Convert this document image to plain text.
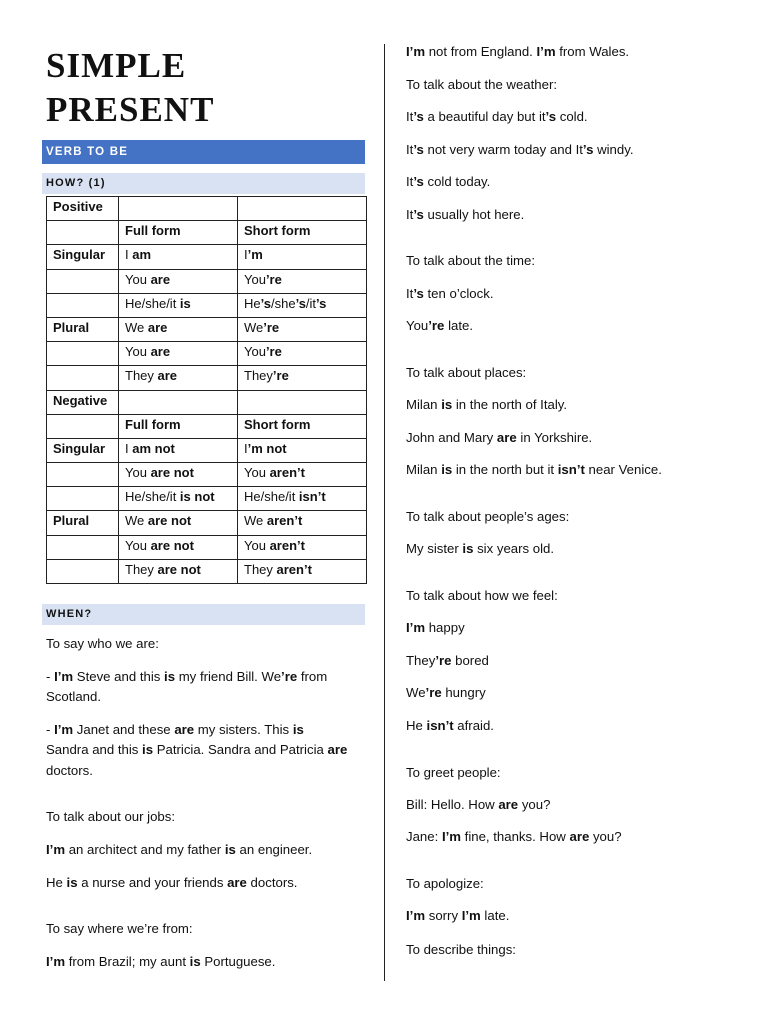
SIMPLE
PRESENT
VERB TO BE
HOW? (1)
Positive		
	Full form	Short form
Singular	I am	I’m
	You are	You’re
	He/she/it is	He’s/she’s/it’s
Plural	We are	We’re
	You are	You’re
	They are	They’re
Negative		
	Full form	Short form
Singular	I am not	I’m not
	You are not	You aren’t
	He/she/it is not	He/she/it isn’t
Plural	We are not	We aren’t
	You are not	You aren’t
	They are not	They aren’t
WHEN?

To say who we are:

- I’m Steve and this is my friend Bill. We’re from

Scotland.

- I’m Janet and these are my sisters. This is

Sandra and this is Patricia. Sandra and Patricia are

doctors.

To talk about our jobs:

I’m an architect and my father is an engineer.

He is a nurse and your friends are doctors.

To say where we’re from:

I’m from Brazil; my aunt is Portuguese.

I’m not from England. I’m from Wales.

To talk about the weather:

It’s a beautiful day but it’s cold.

It’s not very warm today and It’s windy.

It’s cold today.

It’s usually hot here.

To talk about the time:

It’s ten o’clock.

You’re late.

To talk about places:

Milan is in the north of Italy.

John and Mary are in Yorkshire.

Milan is in the north but it isn’t near Venice.

To talk about people’s ages:

My sister is six years old.

To talk about how we feel:

I’m happy

They’re bored

We’re hungry

He isn’t afraid.

To greet people:

Bill: Hello. How are you?

Jane: I’m fine, thanks. How are you?

To apologize:

I’m sorry I’m late.

To describe things:
